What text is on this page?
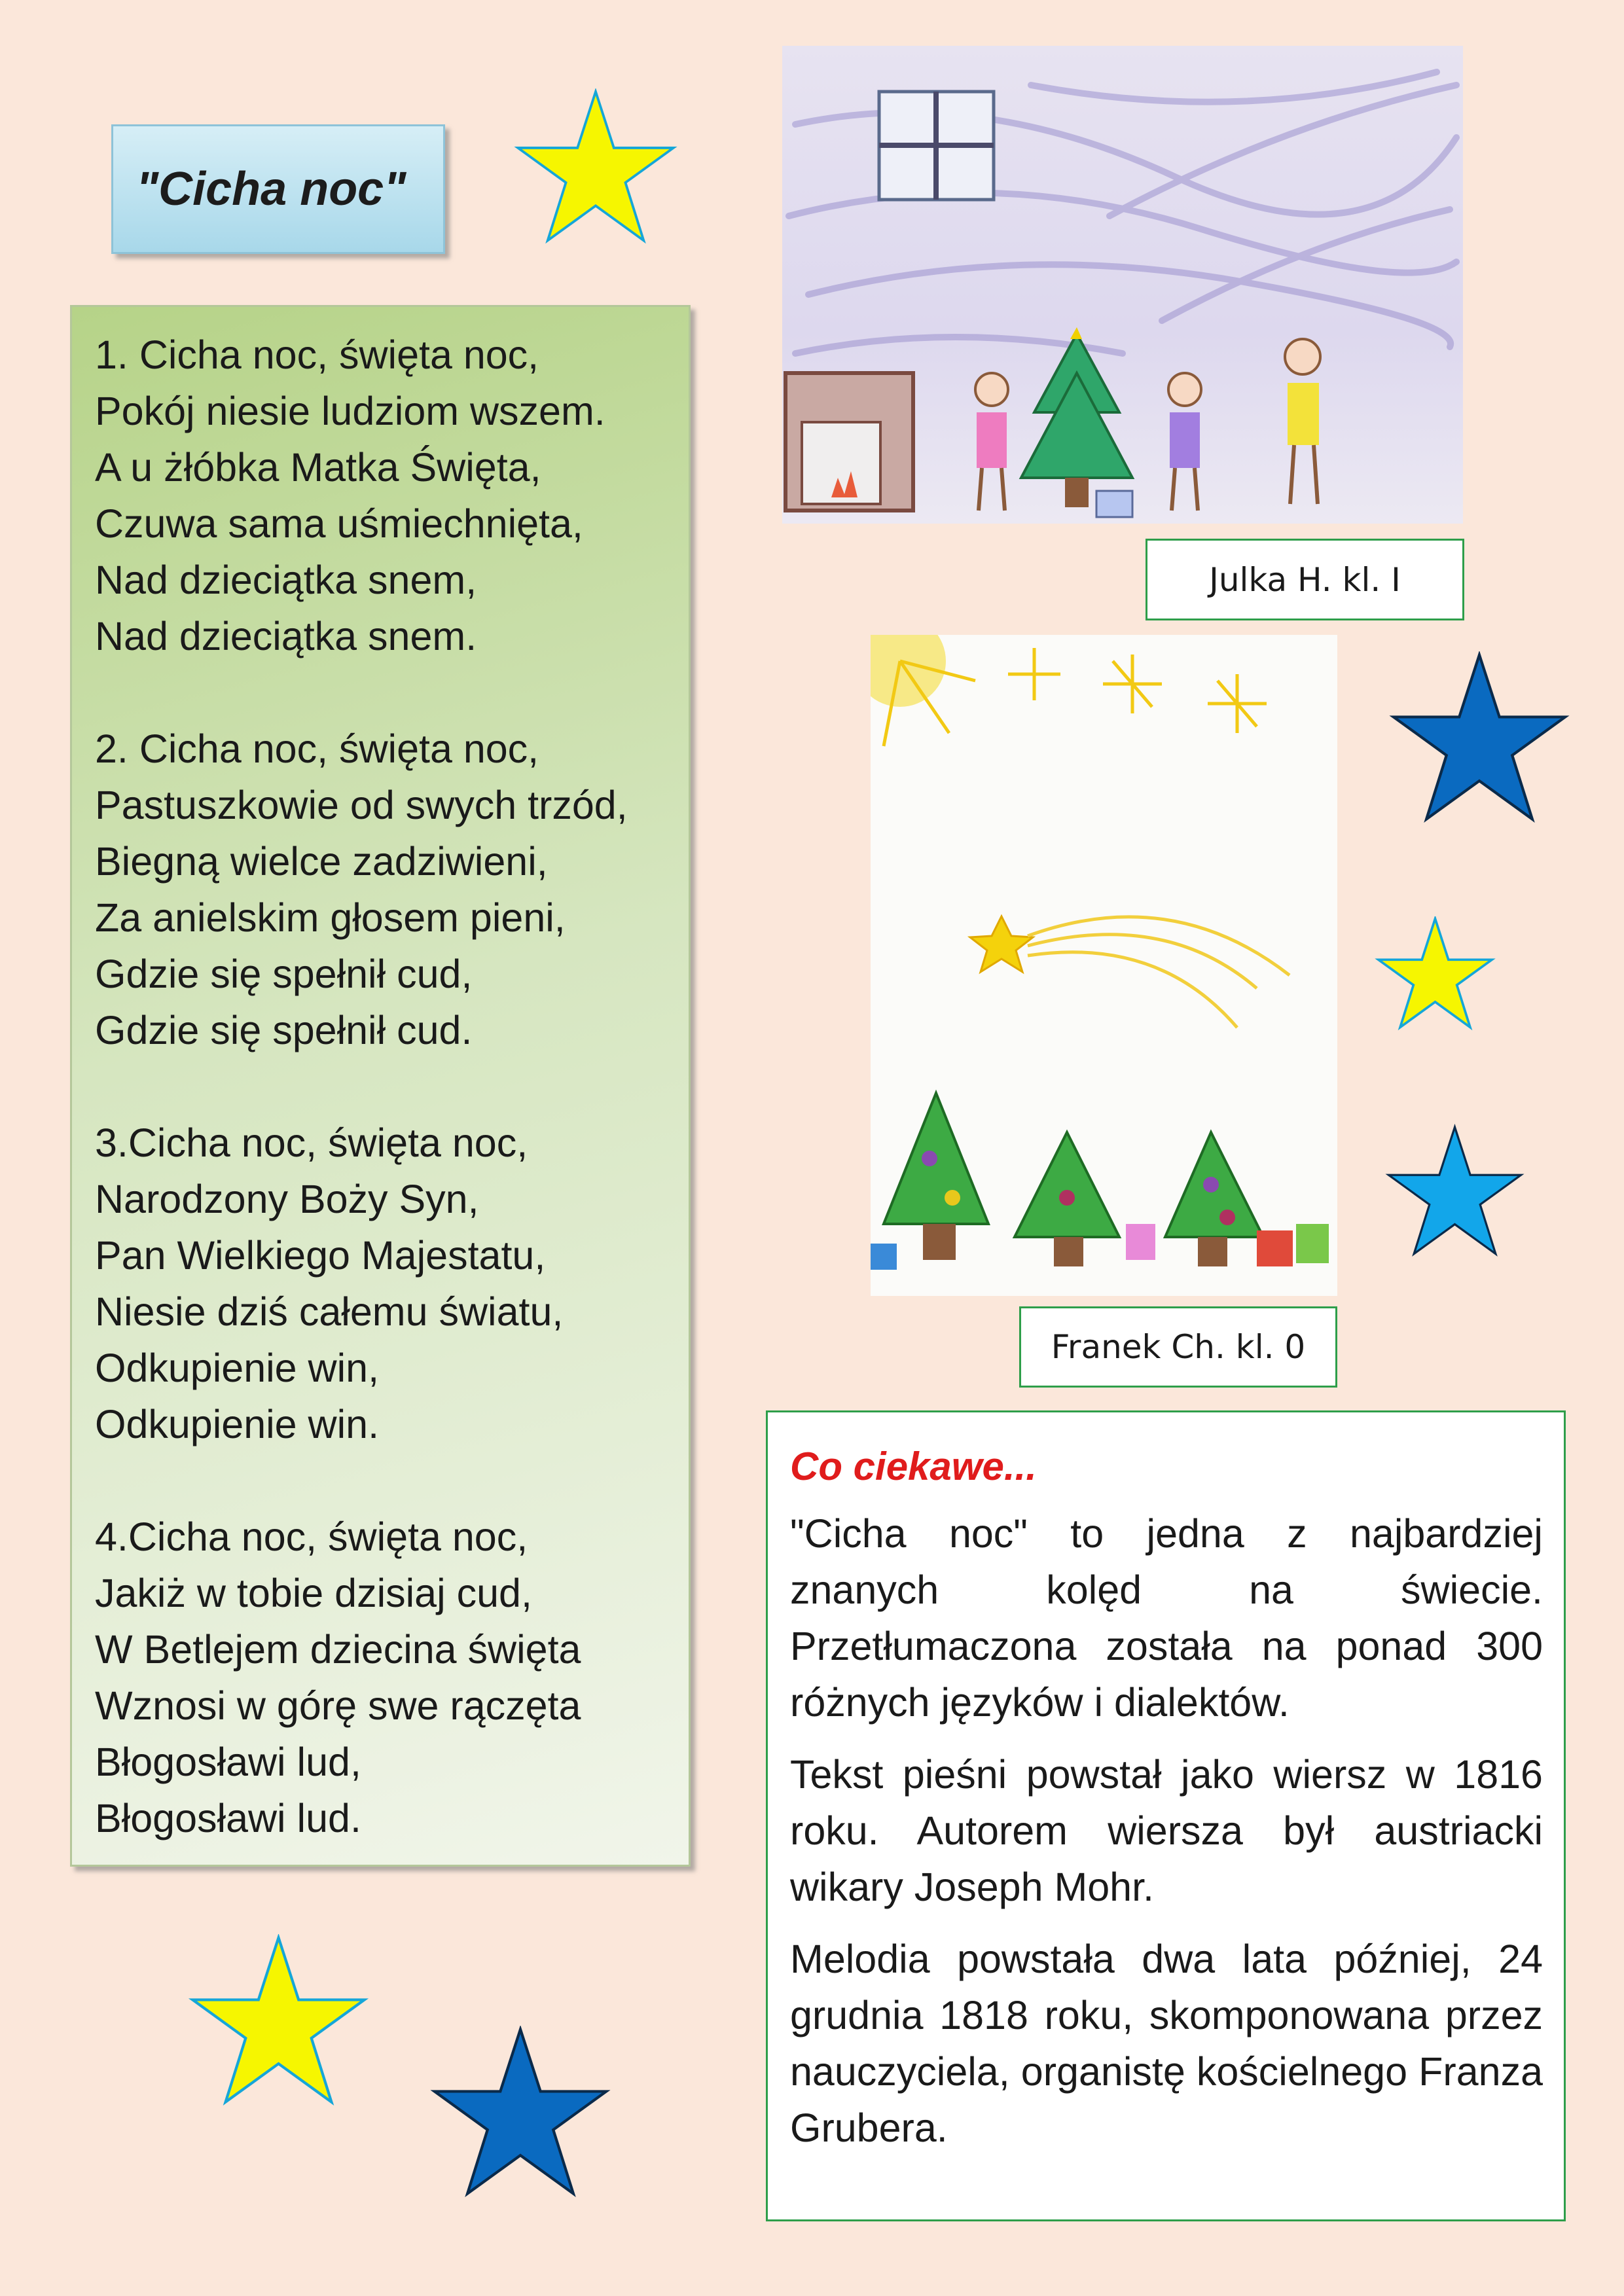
"Cicha noc"
1. Cicha noc, święta noc,
Pokój niesie ludziom wszem.
A u żłóbka Matka Święta,
Czuwa sama uśmiechnięta,
Nad dzieciątka snem,
Nad dzieciątka snem.
2. Cicha noc, święta noc,
Pastuszkowie od swych trzód,
Biegną wielce zadziwieni,
Za anielskim głosem pieni,
Gdzie się spełnił cud,
Gdzie się spełnił cud.
3.Cicha noc, święta noc,
Narodzony Boży Syn,
Pan Wielkiego Majestatu,
Niesie dziś całemu światu,
Odkupienie win,
Odkupienie win.
4.Cicha noc, święta noc,
Jakiż w tobie dzisiaj cud,
W Betlejem dziecina święta
Wznosi w górę swe rączęta
Błogosławi lud,
Błogosławi lud.
Julka H. kl. I
Franek Ch. kl. 0
Co ciekawe...

"Cicha noc" to jedna z najbardziej znanych kolęd na świecie. Przetłumaczona została na ponad 300 różnych języków i dialektów.

Tekst pieśni powstał jako wiersz w 1816 roku. Autorem wiersza był austriacki wikary Joseph Mohr.

Melodia powstała dwa lata później, 24 grudnia 1818 roku, skomponowana przez nauczyciela, organistę kościelnego Franza Grubera.
